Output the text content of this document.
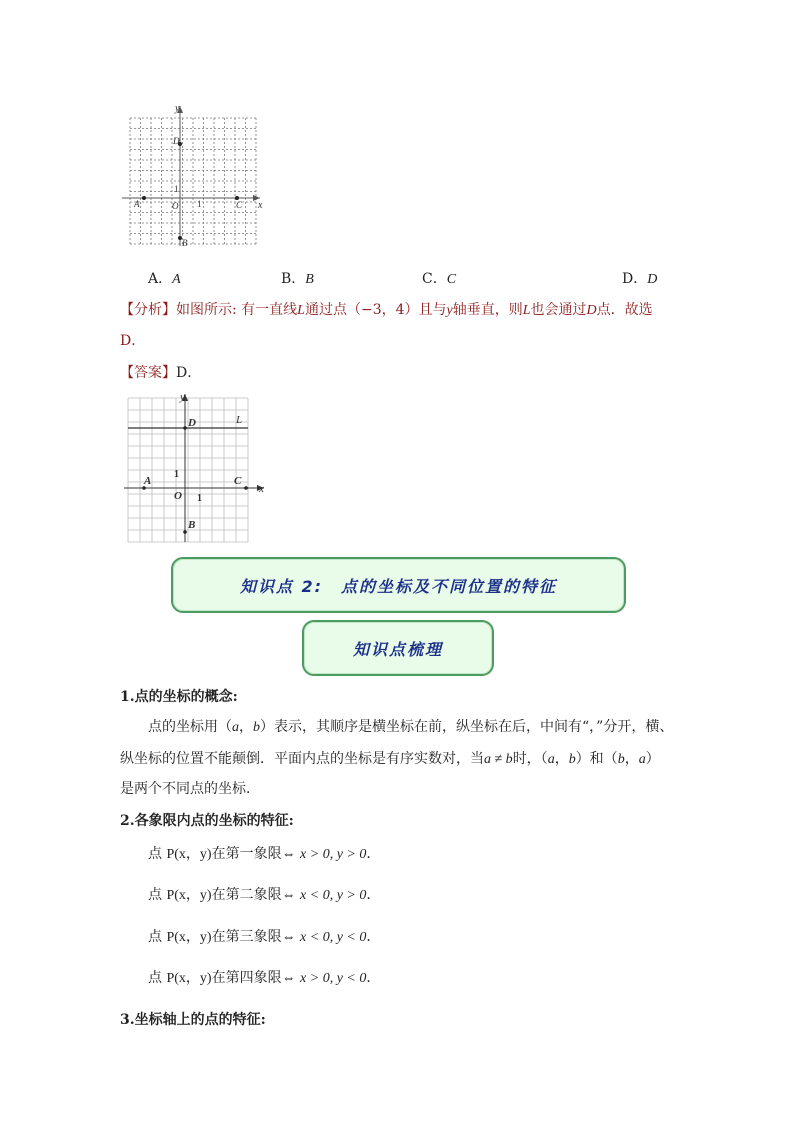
x
y
O 1
1
A	C
D
B
A．A	B．B	C．C	D．D
【分析】如图所示: 有一直线L通过点（−3，4）且与y轴垂直，则L也会通过D点．故选
D．
【答案】D．
L
x
y
O 1
1
A	C
D
B
知识点 2:　点的坐标及不同位置的特征
知识点梳理
1.点的坐标的概念:
点的坐标用（a，b）表示，其顺序是横坐标在前，纵坐标在后，中间有“，”分开，横、
纵坐标的位置不能颠倒．平面内点的坐标是有序实数对，当a ≠ b时，（a，b）和（b，a）
是两个不同点的坐标．
2.各象限内点的坐标的特征:
点 P(x，y)在第一象限⇔ x > 0, y > 0．
点 P(x，y)在第二象限⇔ x < 0, y > 0．
点 P(x，y)在第三象限⇔ x < 0, y < 0．
点 P(x，y)在第四象限⇔ x > 0, y < 0．
3.坐标轴上的点的特征:
